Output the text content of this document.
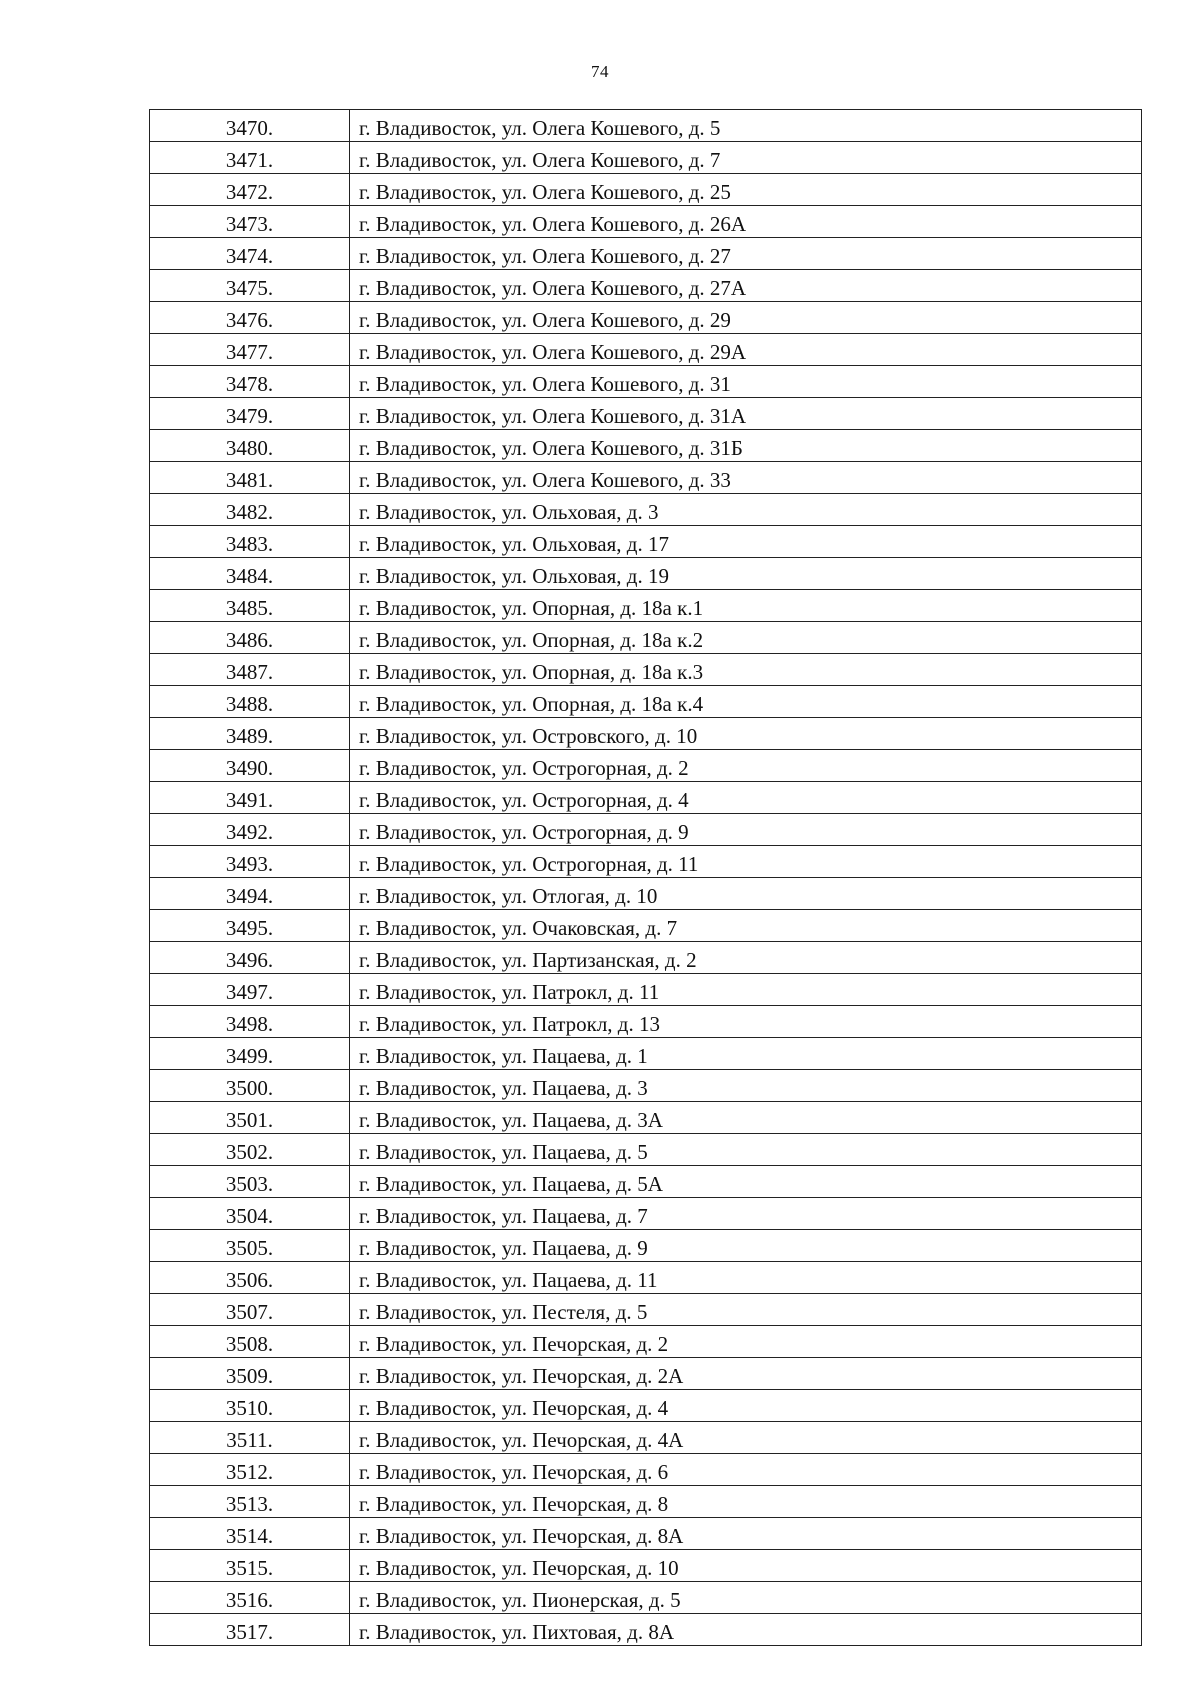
74
3470.	г. Владивосток, ул. Олега Кошевого, д. 5
3471.	г. Владивосток, ул. Олега Кошевого, д. 7
3472.	г. Владивосток, ул. Олега Кошевого, д. 25
3473.	г. Владивосток, ул. Олега Кошевого, д. 26А
3474.	г. Владивосток, ул. Олега Кошевого, д. 27
3475.	г. Владивосток, ул. Олега Кошевого, д. 27А
3476.	г. Владивосток, ул. Олега Кошевого, д. 29
3477.	г. Владивосток, ул. Олега Кошевого, д. 29А
3478.	г. Владивосток, ул. Олега Кошевого, д. 31
3479.	г. Владивосток, ул. Олега Кошевого, д. 31А
3480.	г. Владивосток, ул. Олега Кошевого, д. 31Б
3481.	г. Владивосток, ул. Олега Кошевого, д. 33
3482.	г. Владивосток, ул. Ольховая, д. 3
3483.	г. Владивосток, ул. Ольховая, д. 17
3484.	г. Владивосток, ул. Ольховая, д. 19
3485.	г. Владивосток, ул. Опорная, д. 18а к.1
3486.	г. Владивосток, ул. Опорная, д. 18а к.2
3487.	г. Владивосток, ул. Опорная, д. 18а к.3
3488.	г. Владивосток, ул. Опорная, д. 18а к.4
3489.	г. Владивосток, ул. Островского, д. 10
3490.	г. Владивосток, ул. Острогорная, д. 2
3491.	г. Владивосток, ул. Острогорная, д. 4
3492.	г. Владивосток, ул. Острогорная, д. 9
3493.	г. Владивосток, ул. Острогорная, д. 11
3494.	г. Владивосток, ул. Отлогая, д. 10
3495.	г. Владивосток, ул. Очаковская, д. 7
3496.	г. Владивосток, ул. Партизанская, д. 2
3497.	г. Владивосток, ул. Патрокл, д. 11
3498.	г. Владивосток, ул. Патрокл, д. 13
3499.	г. Владивосток, ул. Пацаева, д. 1
3500.	г. Владивосток, ул. Пацаева, д. 3
3501.	г. Владивосток, ул. Пацаева, д. 3А
3502.	г. Владивосток, ул. Пацаева, д. 5
3503.	г. Владивосток, ул. Пацаева, д. 5А
3504.	г. Владивосток, ул. Пацаева, д. 7
3505.	г. Владивосток, ул. Пацаева, д. 9
3506.	г. Владивосток, ул. Пацаева, д. 11
3507.	г. Владивосток, ул. Пестеля, д. 5
3508.	г. Владивосток, ул. Печорская, д. 2
3509.	г. Владивосток, ул. Печорская, д. 2А
3510.	г. Владивосток, ул. Печорская, д. 4
3511.	г. Владивосток, ул. Печорская, д. 4А
3512.	г. Владивосток, ул. Печорская, д. 6
3513.	г. Владивосток, ул. Печорская, д. 8
3514.	г. Владивосток, ул. Печорская, д. 8А
3515.	г. Владивосток, ул. Печорская, д. 10
3516.	г. Владивосток, ул. Пионерская, д. 5
3517.	г. Владивосток, ул. Пихтовая, д. 8А
